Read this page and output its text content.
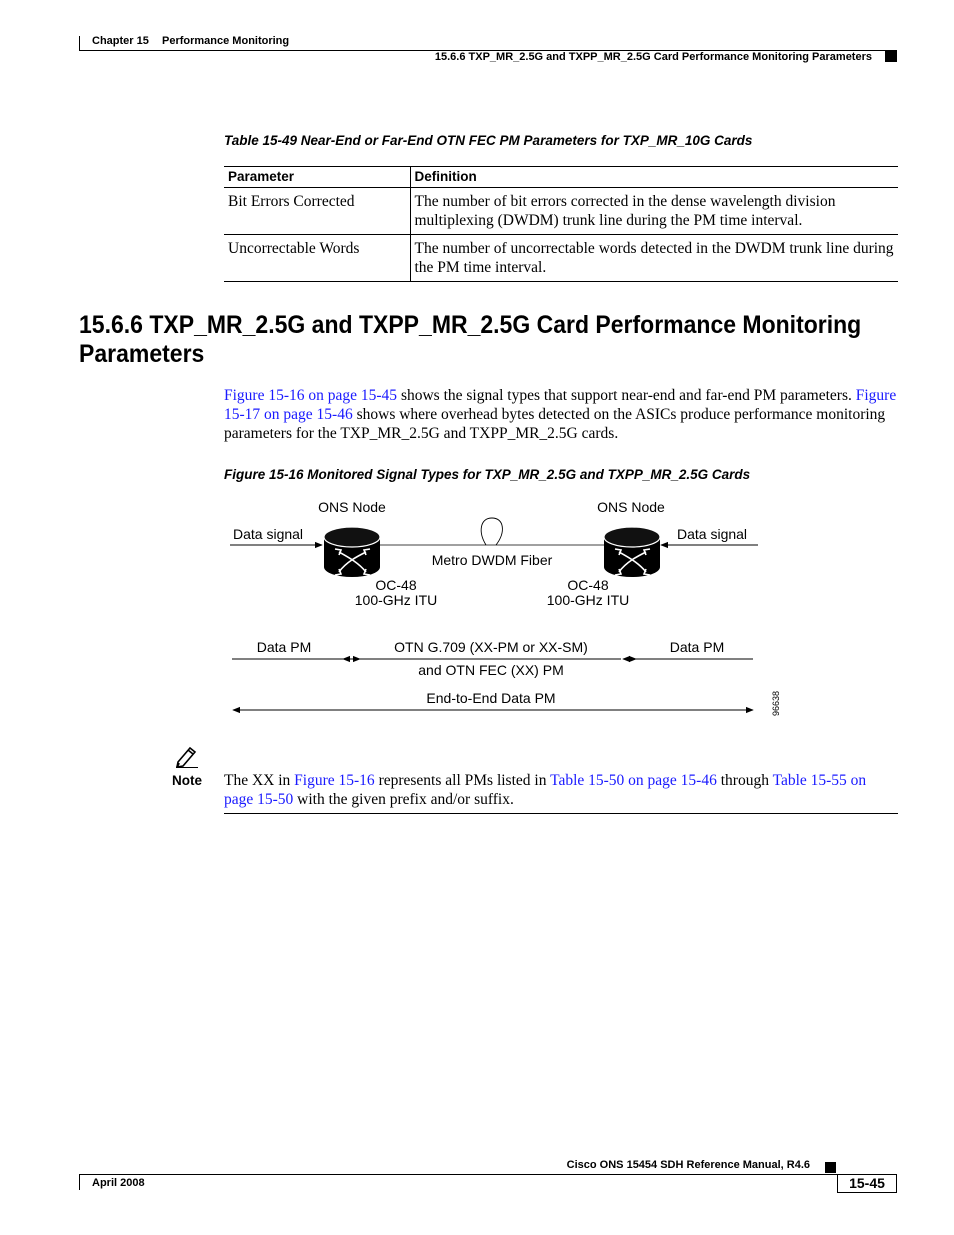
Chapter 15 Performance Monitoring
15.6.6 TXP_MR_2.5G and TXPP_MR_2.5G Card Performance Monitoring Parameters
Table 15-49 Near-End or Far-End OTN FEC PM Parameters for TXP_MR_10G Cards
Parameter	Definition
Bit Errors Corrected	The number of bit errors corrected in the dense wavelength division multiplexing (DWDM) trunk line during the PM time interval.
Uncorrectable Words	The number of uncorrectable words detected in the DWDM trunk line during the PM time interval.
15.6.6 TXP_MR_2.5G and TXPP_MR_2.5G Card Performance Monitoring
Parameters
Figure 15-16 on page 15-45 shows the signal types that support near-end and far-end PM parameters. Figure 15-17 on page 15-46 shows where overhead bytes detected on the ASICs produce performance monitoring parameters for the TXP_MR_2.5G and TXPP_MR_2.5G cards.
Figure 15-16 Monitored Signal Types for TXP_MR_2.5G and TXPP_MR_2.5G Cards
ONS Node	ONS Node
Data signal	Data signal
Metro DWDM Fiber
OC-48
100-GHz ITU
OC-48
100-GHz ITU
Data PM	OTN G.709 (XX-PM or XX-SM)
and OTN FEC (XX) PM
Data PM
End-to-End Data PM	96638
Note The XX in Figure 15-16 represents all PMs listed in Table 15-50 on page 15-46 through Table 15-55 on page 15-50 with the given prefix and/or suffix.
Cisco ONS 15454 SDH Reference Manual, R4.6
April 2008	15-45
